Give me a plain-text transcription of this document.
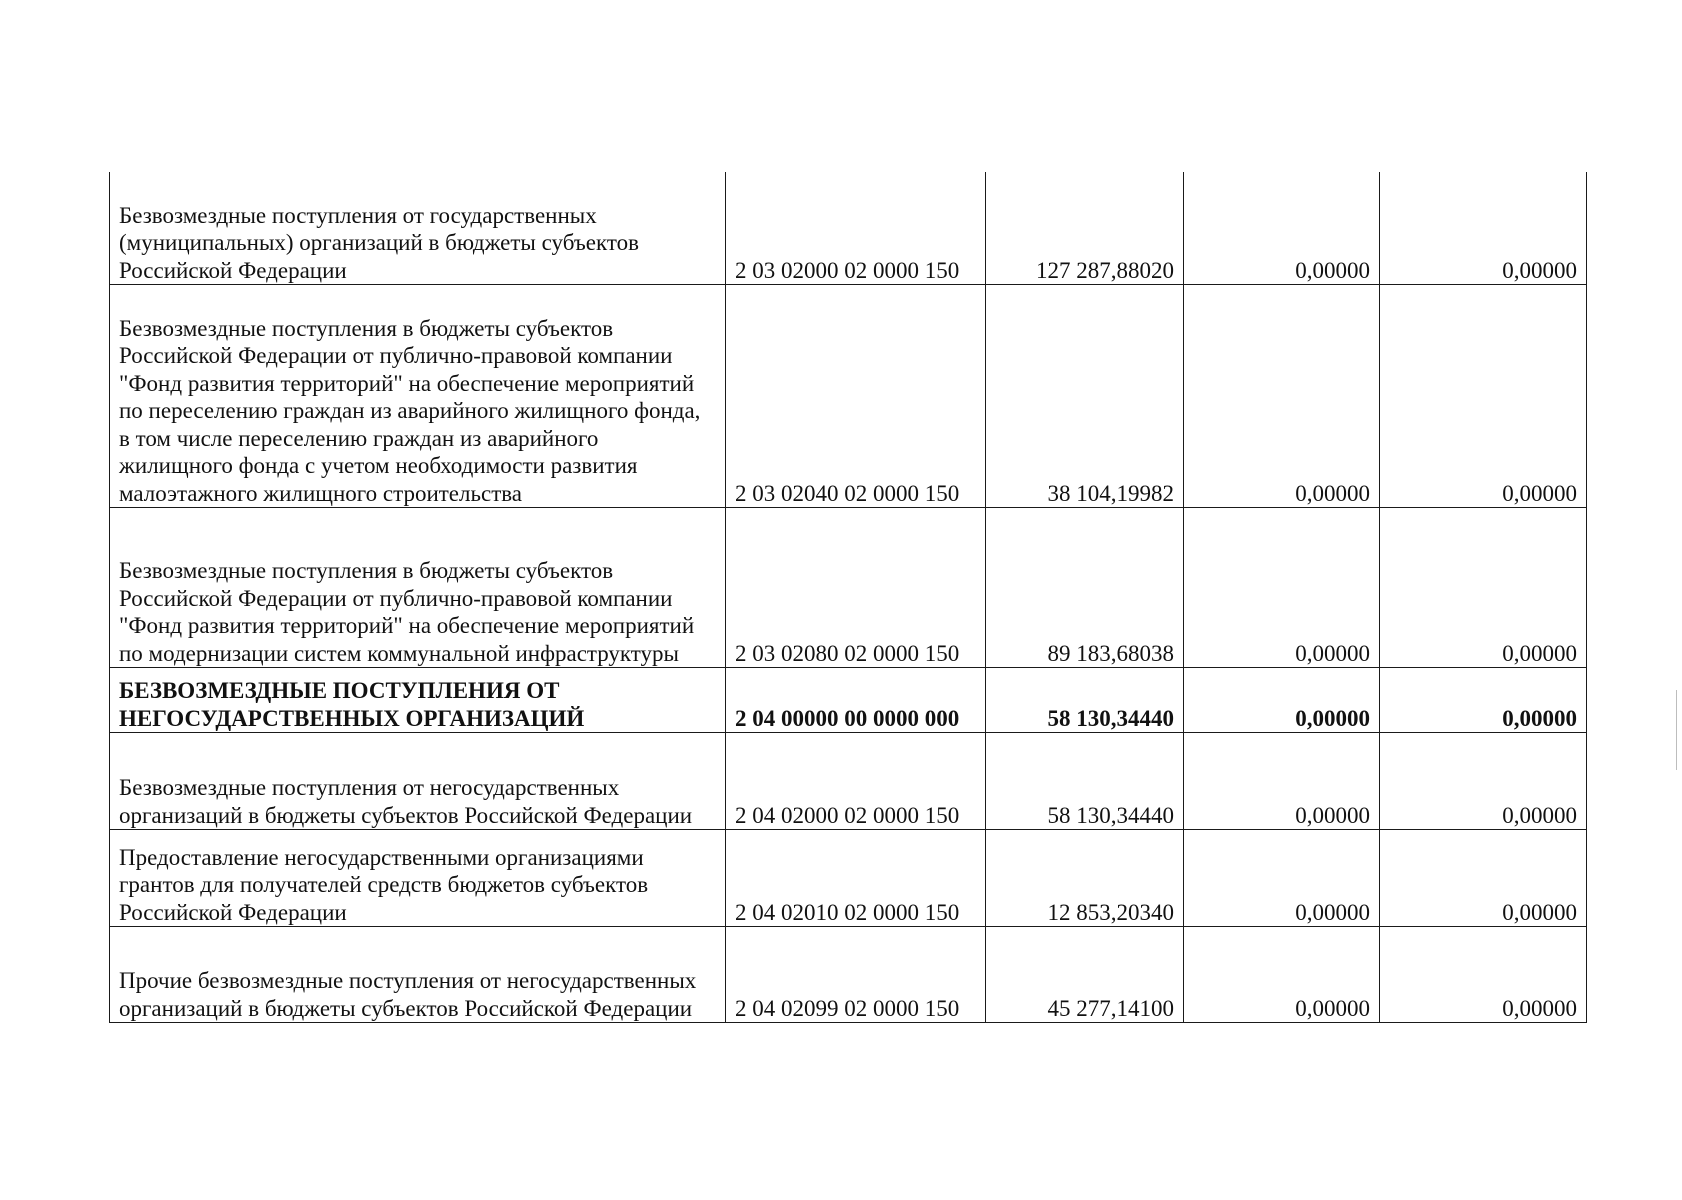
Безвозмездные поступления от государственных (муниципальных) организаций в бюджеты субъектов Российской Федерации	2 03 02000 02 0000 150	127 287,88020	0,00000	0,00000
Безвозмездные поступления в бюджеты субъектов Российской Федерации от публично-правовой компании "Фонд развития территорий" на обеспечение мероприятий по переселению граждан из аварийного жилищного фонда, в том числе переселению граждан из аварийного жилищного фонда с учетом необходимости развития малоэтажного жилищного строительства	2 03 02040 02 0000 150	38 104,19982	0,00000	0,00000
Безвозмездные поступления в бюджеты субъектов Российской Федерации от публично-правовой компании "Фонд развития территорий" на обеспечение мероприятий по модернизации систем коммунальной инфраструктуры	2 03 02080 02 0000 150	89 183,68038	0,00000	0,00000
БЕЗВОЗМЕЗДНЫЕ ПОСТУПЛЕНИЯ ОТ НЕГОСУДАРСТВЕННЫХ ОРГАНИЗАЦИЙ	2 04 00000 00 0000 000	58 130,34440	0,00000	0,00000
Безвозмездные поступления от негосударственных организаций в бюджеты субъектов Российской Федерации	2 04 02000 02 0000 150	58 130,34440	0,00000	0,00000
Предоставление негосударственными организациями грантов для получателей средств бюджетов субъектов Российской Федерации	2 04 02010 02 0000 150	12 853,20340	0,00000	0,00000
Прочие безвозмездные поступления от негосударственных организаций в бюджеты субъектов Российской Федерации	2 04 02099 02 0000 150	45 277,14100	0,00000	0,00000
